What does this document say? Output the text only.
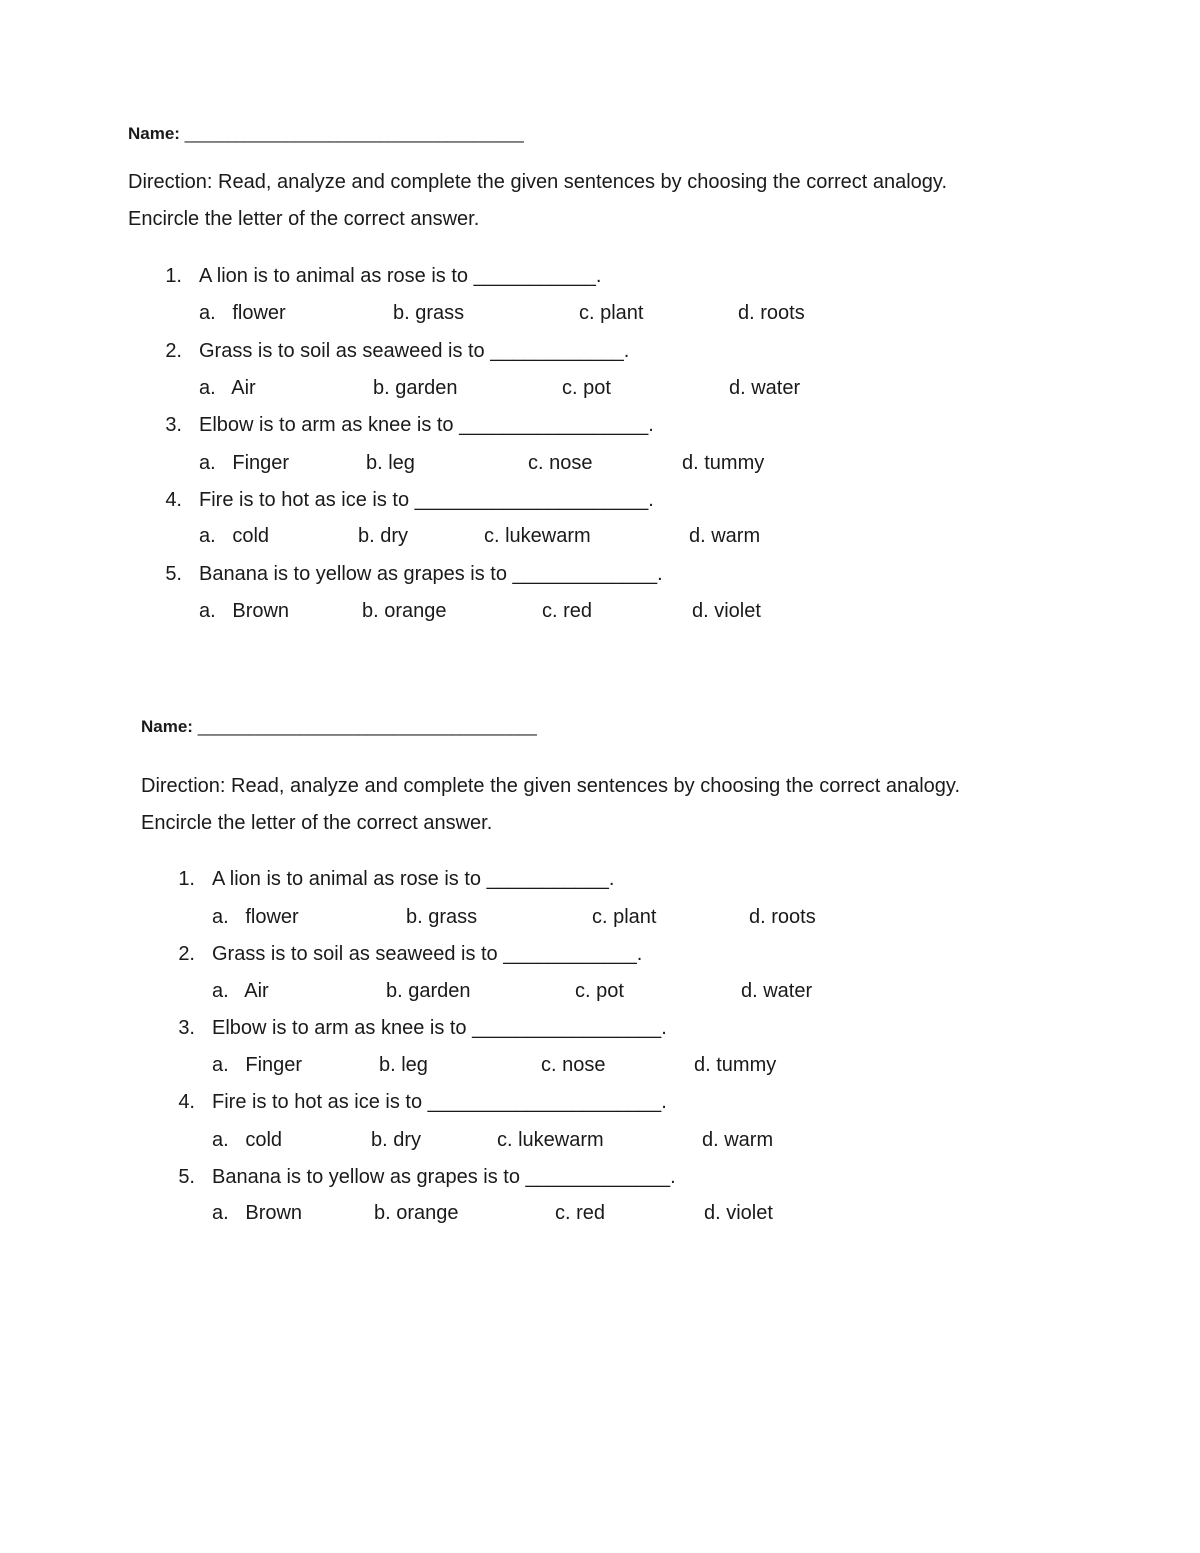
Name: ________________________________________
Direction: Read, analyze and complete the given sentences by choosing the correct analogy.
Encircle the letter of the correct answer.
1. A lion is to animal as rose is to ___________.
a.   flower	b. grass	c. plant	d. roots
2. Grass is to soil as seaweed is to ____________.
a.   Air	b. garden	c. pot	d. water
3. Elbow is to arm as knee is to _________________.
a.   Finger	b. leg	c. nose	d. tummy
4. Fire is to hot as ice is to _____________________.
a.   cold	b. dry	c. lukewarm	d. warm
5. Banana is to yellow as grapes is to _____________.
a.   Brown	b. orange	c. red	d. violet
Name: ________________________________________
Direction: Read, analyze and complete the given sentences by choosing the correct analogy.
Encircle the letter of the correct answer.
1. A lion is to animal as rose is to ___________.
a.   flower	b. grass	c. plant	d. roots
2. Grass is to soil as seaweed is to ____________.
a.   Air	b. garden	c. pot	d. water
3. Elbow is to arm as knee is to _________________.
a.   Finger	b. leg	c. nose	d. tummy
4. Fire is to hot as ice is to _____________________.
a.   cold	b. dry	c. lukewarm	d. warm
5. Banana is to yellow as grapes is to _____________.
a.   Brown	b. orange	c. red	d. violet
